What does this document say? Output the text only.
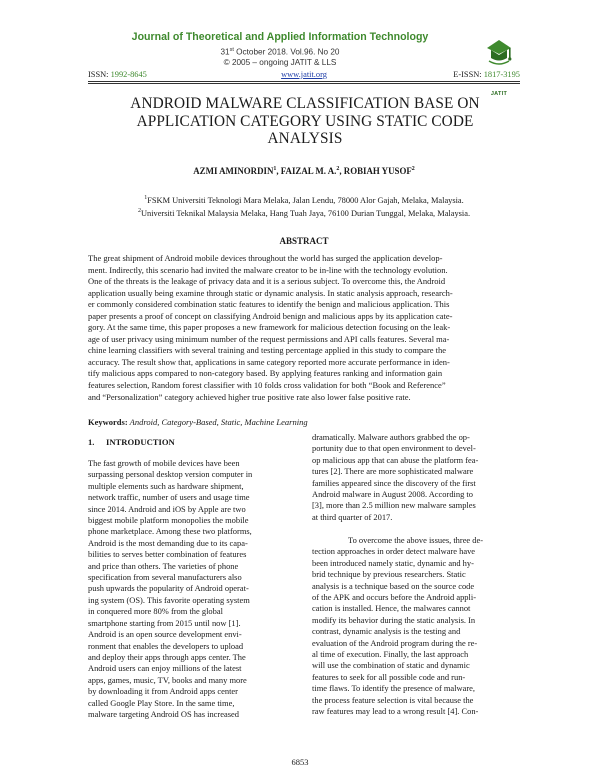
Journal of Theoretical and Applied Information Technology
31st October 2018. Vol.96. No 20
© 2005 – ongoing JATIT & LLS
JATIT
ISSN: 1992-8645	www.jatit.org	E-ISSN: 1817-3195
ANDROID MALWARE CLASSIFICATION BASE ON
APPLICATION CATEGORY USING STATIC CODE
ANALYSIS
AZMI AMINORDIN$^1$, FAIZAL M. A.$^2$, ROBIAH YUSOF$^2$
$^1$FSKM Universiti Teknologi Mara Melaka, Jalan Lendu, 78000 Alor Gajah, Melaka, Malaysia.
$^2$Universiti Teknikal Malaysia Melaka, Hang Tuah Jaya, 76100 Durian Tunggal, Melaka, Malaysia.
ABSTRACT
The great shipment of Android mobile devices throughout the world has surged the application develop-
ment. Indirectly, this scenario had invited the malware creator to be in-line with the technology evolution.
One of the threats is the leakage of privacy data and it is a serious subject. To overcome this, the Android
application usually being examine through static or dynamic analysis. In static analysis approach, research-
er commonly considered combination static features to identify the benign and malicious application. This
paper presents a proof of concept on classifying Android benign and malicious apps by its application cate-
gory. At the same time, this paper proposes a new framework for malicious detection focusing on the leak-
age of user privacy using minimum number of the request permissions and API calls features. Several ma-
chine learning classifiers with several training and testing percentage applied in this study to compare the
accuracy. The result show that, applications in same category reported more accurate performance in iden-
tify malicious apps compared to non-category based. By applying features ranking and information gain
features selection, Random forest classifier with 10 folds cross validation for both “Book and Reference”
and “Personalization” category achieved higher true positive rate also lower false positive rate.
Keywords: Android, Category-Based, Static, Machine Learning
1. INTRODUCTION
The fast growth of mobile devices have been
surpassing personal desktop version computer in
multiple elements such as hardware shipment,
network traffic, number of users and usage time
since 2014. Android and iOS by Apple are two
biggest mobile platform monopolies the mobile
phone marketplace. Among these two platforms,
Android is the most demanding due to its capa-
bilities to serves better combination of features
and price than others. The varieties of phone
specification from several manufacturers also
push upwards the popularity of Android operat-
ing system (OS). This favorite operating system
in conquered more 80% from the global
smartphone starting from 2015 until now [1].
Android is an open source development envi-
ronment that enables the developers to upload
and deploy their apps through apps center. The
Android users can enjoy millions of the latest
apps, games, music, TV, books and many more
by downloading it from Android apps center
called Google Play Store. In the same time,
malware targeting Android OS has increased
dramatically. Malware authors grabbed the op-
portunity due to that open environment to devel-
op malicious app that can abuse the platform fea-
tures [2]. There are more sophisticated malware
families appeared since the discovery of the first
Android malware in August 2008. According to
[3], more than 2.5 million new malware samples
at third quarter of 2017.
To overcome the above issues, three de-
tection approaches in order detect malware have
been introduced namely static, dynamic and hy-
brid technique by previous researchers. Static
analysis is a technique based on the source code
of the APK and occurs before the Android appli-
cation is installed. Hence, the malwares cannot
modify its behavior during the static analysis. In
contrast, dynamic analysis is the testing and
evaluation of the Android program during the re-
al time of execution. Finally, the last approach
will use the combination of static and dynamic
features to seek for all possible code and run-
time flaws. To identify the presence of malware,
the process feature selection is vital because the
raw features may lead to a wrong result [4]. Con-
6853
